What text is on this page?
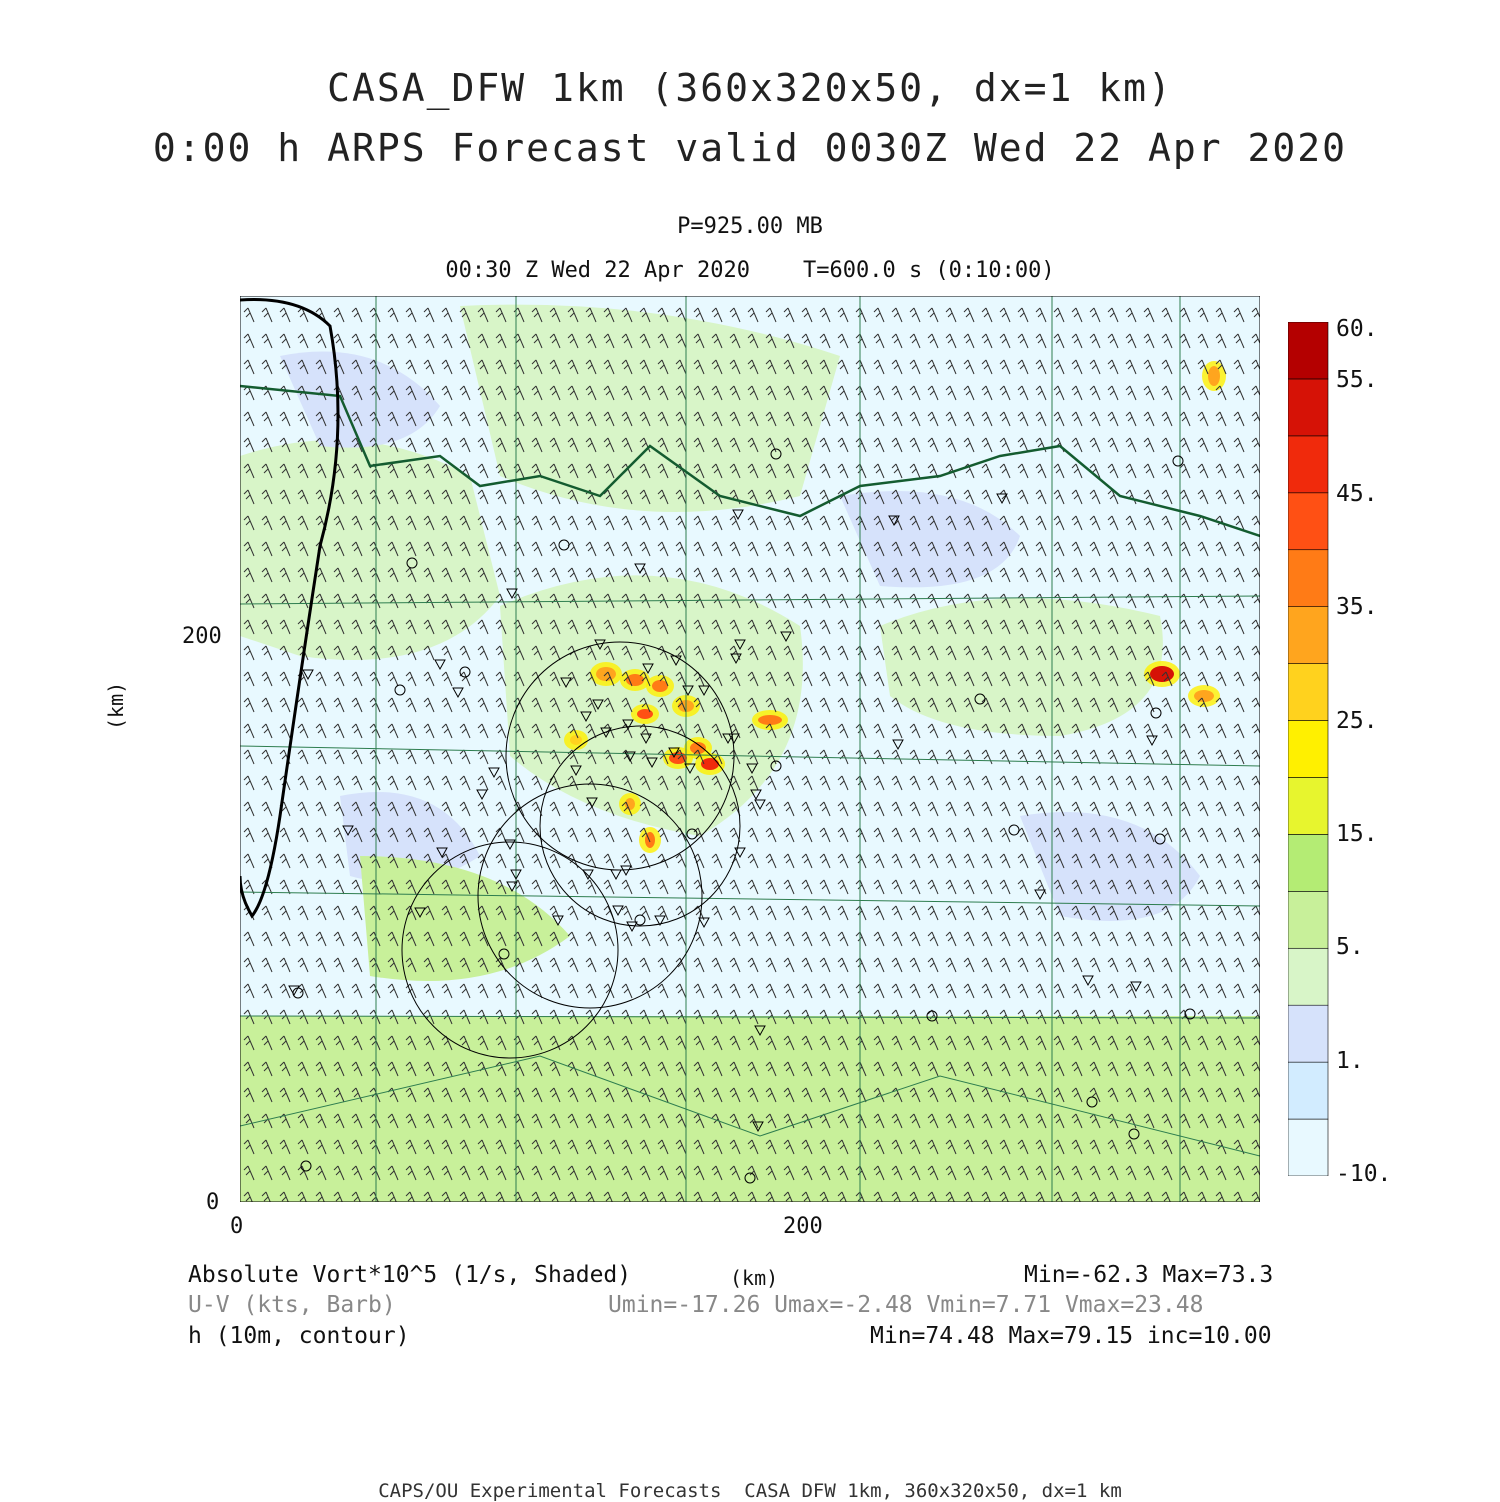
CASA_DFW 1km (360x320x50, dx=1 km)
0:00 h ARPS Forecast valid 0030Z Wed 22 Apr 2020
P=925.00 MB
00:30 Z Wed 22 Apr 2020    T=600.0 s (0:10:00)
200
0
0	200
(km)
60.
55.
45.
35.
25.
15.
5.
1.
-10.
Absolute Vort*10^5 (1/s, Shaded)	(km)	Min=-62.3 Max=73.3
U-V (kts, Barb)	Umin=-17.26 Umax=-2.48 Vmin=7.71 Vmax=23.48
h (10m, contour)	Min=74.48 Max=79.15 inc=10.00
CAPS/OU Experimental Forecasts  CASA DFW 1km, 360x320x50, dx=1 km
